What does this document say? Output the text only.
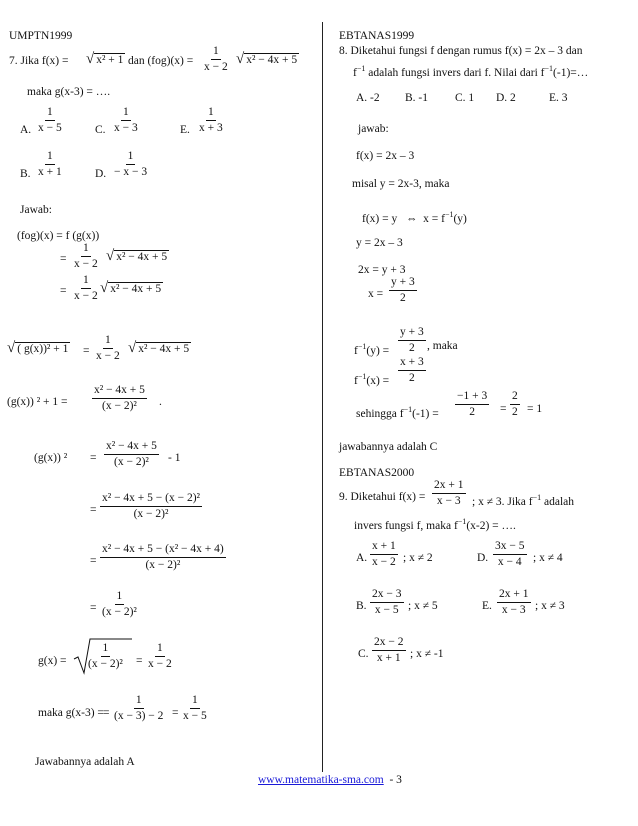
UMPTN1999
7. Jika f(x) = √ x² + 1 dan $(fog)(x) = \frac{1}{x - 2}$ √ x² − 4x + 5
maka g(x-3) = ….
A. $\frac{1}{x - 5}$	C. $\frac{1}{x - 3}$	E. $\frac{1}{x + 3}$
B. $\frac{1}{x + 1}$	D. $\frac{1}{- x - 3}$
Jawab:
(fog)(x) = f (g(x))
= $\frac{1}{x - 2}$ √ x² − 4x + 5
= $\frac{1}{x - 2}$ √ x² − 4x + 5
√ ( $g(x))^2 + 1 = \frac{1}{x - 2}$ √ x² − 4x + 5
(g(x)) $^2 + 1 = \frac{\text{x² − 4x + 5}}{\text{(x − 2)²}}$ .
(g(x)) $^2 = \frac{\text{x² − 4x + 5}}{\text{(x − 2)²}} - 1$
= $\frac{\text{x² − 4x + 5 − (x − 2)²}}{\text{(x − 2)²}}$
= $\frac{\text{x² − 4x + 5 − (x² − 4x + 4)}}{\text{(x − 2)²}}$
= $\frac{1}{\text{(x − 2)²}}$
$g(x) = \frac{1}{\text{(x − 2)²}} = \frac{1}{x - 2}$
maka g(x-3) = = $\frac{1}{(x - 3) - 2} = \frac{1}{x - 5}$
Jawabannya adalah A
EBTANAS1999
8. Diketahui fungsi f dengan rumus f(x) = 2x – 3 dan
$f^{-1}$ adalah fungsi invers dari f. Nilai dari $f^{-1}(-1)=\dots$
A. -2 B. -1 C. 1 D. 2	E. 3
jawab:
f(x) = 2x – 3
misal y = 2x-3, maka
f(x) = y ⇔ $x = f^{-1}(y)$
y = 2x – 3
2x = y + 3
$x = \frac{y + 3}{2}$
$f^{-1}(y) = \frac{y + 3}{2}$ , maka
$f^{-1}(x) = \frac{x + 3}{2}$
sehingga $f^{-1}(-1) = \frac{-1 + 3}{2} = \frac{2}{2} = 1$
jawabannya adalah C
EBTANAS2000
9. Diketahui $f(x) = \frac{2x + 1}{x - 3}$ ; x ≠ 3. Jika $f^{-1}$ adalah
invers fungsi f, maka $f^{-1}(x-2)$ = ….
A. $\frac{x + 1}{x - 2}$ ; x ≠ 2	D. $\frac{3x - 5}{x - 4}$ ; x ≠ 4
B. $\frac{2x - 3}{x - 5}$ ; x ≠ 5	E. $\frac{2x + 1}{x - 3}$ ; x ≠ 3
C. $\frac{2x - 2}{x + 1}$ ; x ≠ -1
www.matematika-sma.com - 3
